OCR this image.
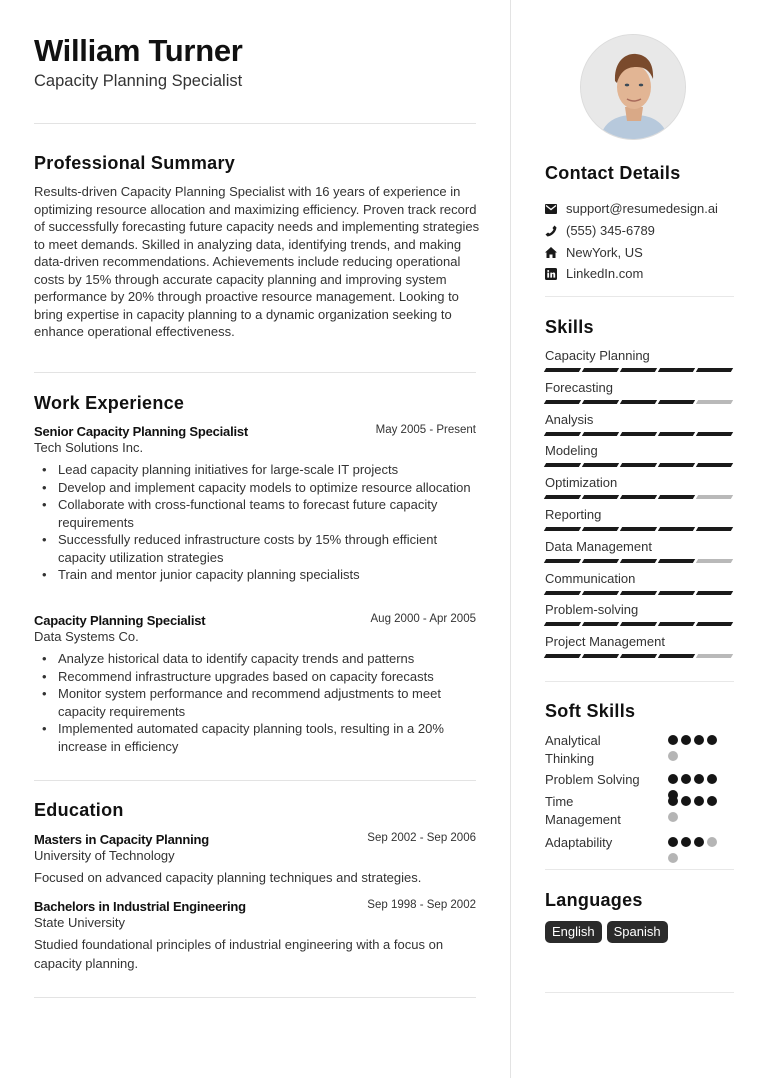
William Turner
Capacity Planning Specialist
Professional Summary
Results-driven Capacity Planning Specialist with 16 years of experience in optimizing resource allocation and maximizing efficiency. Proven track record of successfully forecasting future capacity needs and implementing strategies to meet demands. Skilled in analyzing data, identifying trends, and making data-driven recommendations. Achievements include reducing operational costs by 15% through accurate capacity planning and improving system performance by 20% through proactive resource management. Looking to bring expertise in capacity planning to a dynamic organization seeking to enhance operational effectiveness.
Work Experience
Senior Capacity Planning Specialist	May 2005 - Present
Tech Solutions Inc.
• Lead capacity planning initiatives for large-scale IT projects
• Develop and implement capacity models to optimize resource allocation
• Collaborate with cross-functional teams to forecast future capacity requirements
• Successfully reduced infrastructure costs by 15% through efficient capacity utilization strategies
• Train and mentor junior capacity planning specialists
Capacity Planning Specialist	Aug 2000 - Apr 2005
Data Systems Co.
• Analyze historical data to identify capacity trends and patterns
• Recommend infrastructure upgrades based on capacity forecasts
• Monitor system performance and recommend adjustments to meet capacity requirements
• Implemented automated capacity planning tools, resulting in a 20% increase in efficiency
Education
Masters in Capacity Planning	Sep 2002 - Sep 2006
University of Technology
Focused on advanced capacity planning techniques and strategies.
Bachelors in Industrial Engineering	Sep 1998 - Sep 2002
State University
Studied foundational principles of industrial engineering with a focus on capacity planning.
Contact Details
support@resumedesign.ai
(555) 345-6789
NewYork, US
LinkedIn.com
Skills
Capacity Planning
Forecasting
Analysis
Modeling
Optimization
Reporting
Data Management
Communication
Problem-solving
Project Management
Soft Skills
Analytical Thinking
Problem Solving
Time Management
Adaptability
Languages
English	Spanish
